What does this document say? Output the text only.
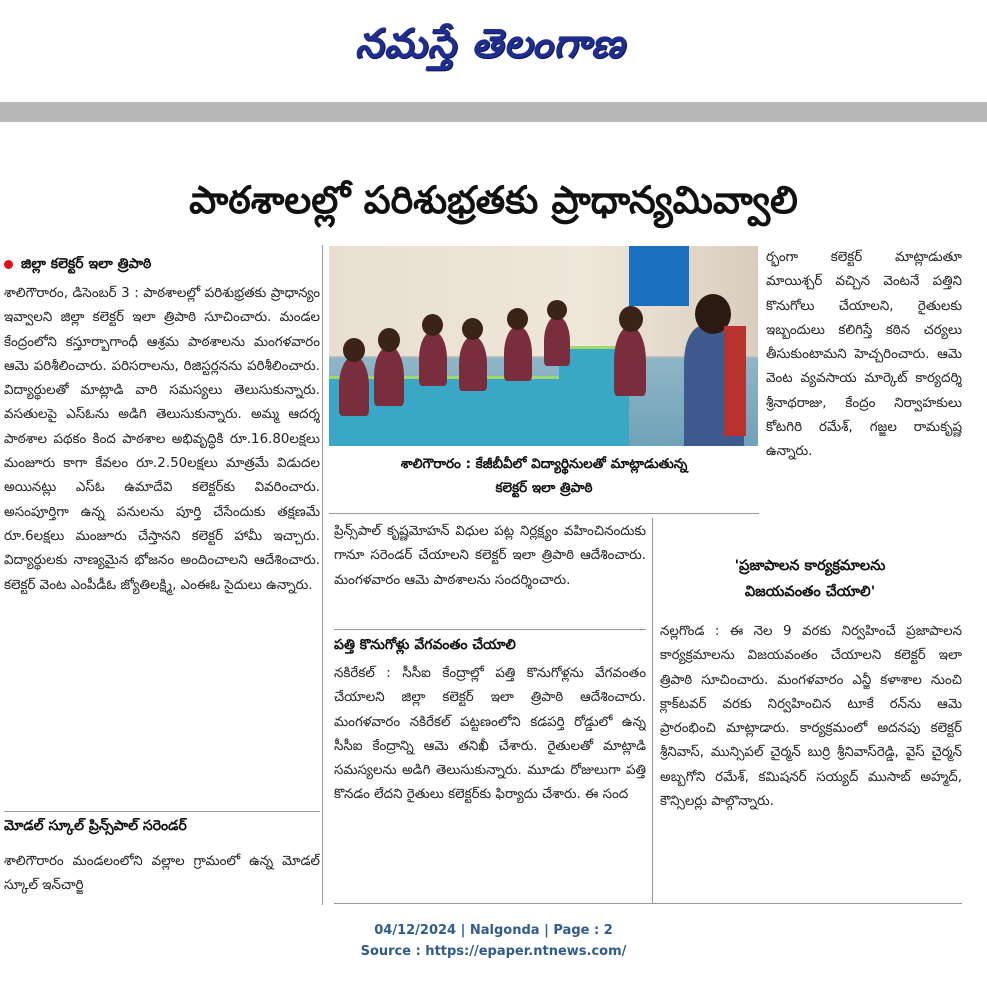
నమస్తే తెలంగాణ
పాఠశాలల్లో పరిశుభ్రతకు ప్రాధాన్యమివ్వాలి
జిల్లా కలెక్టర్ ఇలా త్రిపాఠి

శాలిగౌరారం, డిసెంబర్ 3 : పాఠశాలల్లో పరిశుభ్రతకు ప్రాధాన్యం ఇవ్వాలని జిల్లా కలెక్టర్ ఇలా త్రిపాఠి సూచించారు. మండల కేంద్రంలోని కస్తూర్బాగాంధీ ఆశ్రమ పాఠశాలను మంగళవారం ఆమె పరిశీలించారు. పరిసరాలను, రిజిస్టర్లనను పరిశీలించారు. విద్యార్థులతో మాట్లాడి వారి సమస్యలు తెలుసుకున్నారు. వసతులపై ఎస్ఓను అడిగి తెలుసుకున్నారు. అమ్మ ఆదర్శ పాఠశాల పథకం కింద పాఠశాల అభివృద్ధికి రూ.16.80లక్షలు మంజూరు కాగా కేవలం రూ.2.50లక్షలు మాత్రమే విడుదల అయినట్లు ఎస్ఓ ఉమాదేవి కలెక్టర్‌కు వివరించారు. అసంపూర్తిగా ఉన్న పనులను పూర్తి చేసేందుకు తక్షణమే రూ.6లక్షలు మంజూరు చేస్తానని కలెక్టర్ హామీ ఇచ్చారు. విద్యార్థులకు నాణ్యమైన భోజనం అందించాలని ఆదేశించారు. కలెక్టర్ వెంట ఎంపీడీఓ జ్యోతిలక్ష్మి, ఎంఈఓ సైదులు ఉన్నారు.

మోడల్ స్కూల్ ప్రిన్స్‌పాల్ సరెండర్

శాలిగౌరారం మండలంలోని వల్లాల గ్రామంలో ఉన్న మోడల్ స్కూల్ ఇన్‌చార్జి

శాలిగౌరారం : కేజీబీవీలో విద్యార్థినులతో మాట్లాడుతున్న
కలెక్టర్ ఇలా త్రిపాఠి

ప్రిన్స్‌పాల్ కృష్ణమోహన్ విధుల పట్ల నిర్లక్ష్యం వహించినందుకు గానూ సరెండర్ చేయాలని కలెక్టర్ ఇలా త్రిపాఠి ఆదేశించారు. మంగళవారం ఆమె పాఠశాలను సందర్శించారు.

పత్తి కొనుగోళ్లు వేగవంతం చేయాలి

నకిరేకల్ : సీసీఐ కేంద్రాల్లో పత్తి కొనుగోళ్లను వేగవంతం చేయాలని జిల్లా కలెక్టర్ ఇలా త్రిపాఠి ఆదేశించారు. మంగళవారం నకిరేకల్ పట్టణంలోని కడపర్తి రోడ్డులో ఉన్న సీసీఐ కేంద్రాన్ని ఆమె తనిఖీ చేశారు. రైతులతో మాట్లాడి సమస్యలను అడిగి తెలుసుకున్నారు. మూడు రోజులుగా పత్తి కొనడం లేదని రైతులు కలెక్టర్‌కు ఫిర్యాదు చేశారు. ఈ సంద

ర్భంగా కలెక్టర్ మాట్లాడుతూ మాయిశ్చర్ వచ్చిన వెంటనే పత్తిని కొనుగోలు చేయాలని, రైతులకు ఇబ్బందులు కలిగిస్తే కఠిన చర్యలు తీసుకుంటామని హెచ్చరించారు. ఆమె వెంట వ్యవసాయ మార్కెట్ కార్యదర్శి శ్రీనాథరాజు, కేంద్రం నిర్వాహకులు కోటగిరి రమేశ్, గజ్జల రామకృష్ణ ఉన్నారు.

'ప్రజాపాలన కార్యక్రమాలను
విజయవంతం చేయాలి'

నల్లగొండ : ఈ నెల 9 వరకు నిర్వహించే ప్రజాపాలన కార్యక్రమాలను విజయవంతం చేయాలని కలెక్టర్ ఇలా త్రిపాఠి సూచించారు. మంగళవారం ఎన్జీ కళాశాల నుంచి క్లాక్‌టవర్ వరకు నిర్వహించిన టూకే రన్‌ను ఆమె ప్రారంభించి మాట్లాడారు. కార్యక్రమంలో అదనపు కలెక్టర్ శ్రీనివాస్, మున్సిపల్ చైర్మన్ బుర్రి శ్రీనివాస్‌రెడ్డి, వైస్ చైర్మన్ అబ్బగోని రమేశ్, కమిషనర్ సయ్యద్ ముసాబ్ అహ్మద్, కౌన్సిలర్లు పాల్గొన్నారు.

04/12/2024 | Nalgonda | Page : 2
Source : https://epaper.ntnews.com/
